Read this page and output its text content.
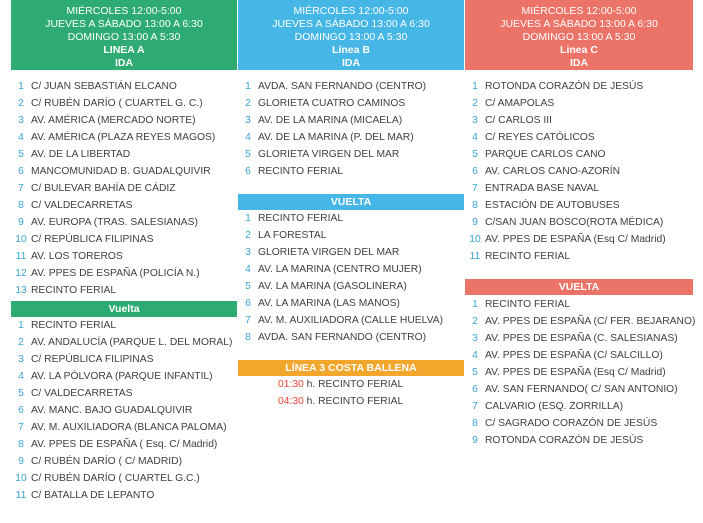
MIÉRCOLES 12:00-5:00
JUEVES A SÁBADO 13:00 A 6:30
DOMINGO 13:00 A 5:30
LINEA A
IDA
1 C/ JUAN SEBASTIÁN ELCANO
2 C/ RUBÉN DARÍO ( CUARTEL G. C.)
3 AV. AMÉRICA (MERCADO NORTE)
4 AV. AMÉRICA (PLAZA REYES MAGOS)
5 AV. DE LA LIBERTAD
6 MANCOMUNIDAD B. GUADALQUIVIR
7 C/ BULEVAR BAHÍA DE CÁDIZ
8 C/ VALDECARRETAS
9 AV. EUROPA (TRAS. SALESIANAS)
10 C/ REPÚBLICA FILIPINAS
11 AV. LOS TOREROS
12 AV. PPES DE ESPAÑA (POLICÍA N.)
13 RECINTO FERIAL
Vuelta
1 RECINTO FERIAL
2 AV. ANDALUCÍA (PARQUE L. DEL MORAL)
3 C/ REPÚBLICA FILIPINAS
4 AV. LA PÓLVORA (PARQUE INFANTIL)
5 C/ VALDECARRETAS
6 AV. MANC. BAJO GUADALQUIVIR
7 AV. M. AUXILIADORA (BLANCA PALOMA)
8 AV. PPES DE ESPAÑA ( Esq. C/ Madrid)
9 C/ RUBÉN DARÍO ( C/ MADRID)
10 C/ RUBÉN DARÍO ( CUARTEL G.C.)
11 C/ BATALLA DE LEPANTO
MIÉRCOLES 12:00-5:00
JUEVES A SÁBADO 13:00 A 6:30
DOMINGO 13:00 A 5:30
Línea B
IDA
1 AVDA. SAN FERNANDO (CENTRO)
2 GLORIETA CUATRO CAMINOS
3 AV. DE LA MARINA (MICAELA)
4 AV. DE LA MARINA (P. DEL MAR)
5 GLORIETA VIRGEN DEL MAR
6 RECINTO FERIAL
VUELTA
1 RECINTO FERIAL
2 LA FORESTAL
3 GLORIETA VIRGEN DEL MAR
4 AV. LA MARINA (CENTRO MUJER)
5 AV. LA MARINA (GASOLINERA)
6 AV. LA MARINA (LAS MANOS)
7 AV. M. AUXILIADORA (CALLE HUELVA)
8 AVDA. SAN FERNANDO (CENTRO)
LÍNEA 3 COSTA BALLENA
01:30 h. RECINTO FERIAL
04:30 h. RECINTO FERIAL
MIÉRCOLES 12:00-5:00
JUEVES A SÁBADO 13:00 A 6:30
DOMINGO 13:00 A 5:30
Linea C
IDA
1 ROTONDA CORAZÓN DE JESÚS
2 C/ AMAPOLAS
3 C/ CARLOS III
4 C/ REYES CATÓLICOS
5 PARQUE CARLOS CANO
6 AV. CARLOS CANO-AZORÍN
7 ENTRADA BASE NAVAL
8 ESTACIÓN DE AUTOBUSES
9 C/SAN JUAN BOSCO(ROTA MÉDICA)
10 AV. PPES DE ESPAÑA (Esq C/ Madrid)
11 RECINTO FERIAL
VUELTA
1 RECINTO FERIAL
2 AV. PPES DE ESPAÑA (C/ FER. BEJARANO)
3 AV. PPES DE ESPAÑA (C. SALESIANAS)
4 AV. PPES DE ESPAÑA (C/ SALCILLO)
5 AV. PPES DE ESPAÑA (Esq C/ Madrid)
6 AV. SAN FERNANDO( C/ SAN ANTONIO)
7 CALVARIO (ESQ. ZORRILLA)
8 C/ SAGRADO CORAZÓN DE JESÚS
9 ROTONDA CORAZÓN DE JESÚS
